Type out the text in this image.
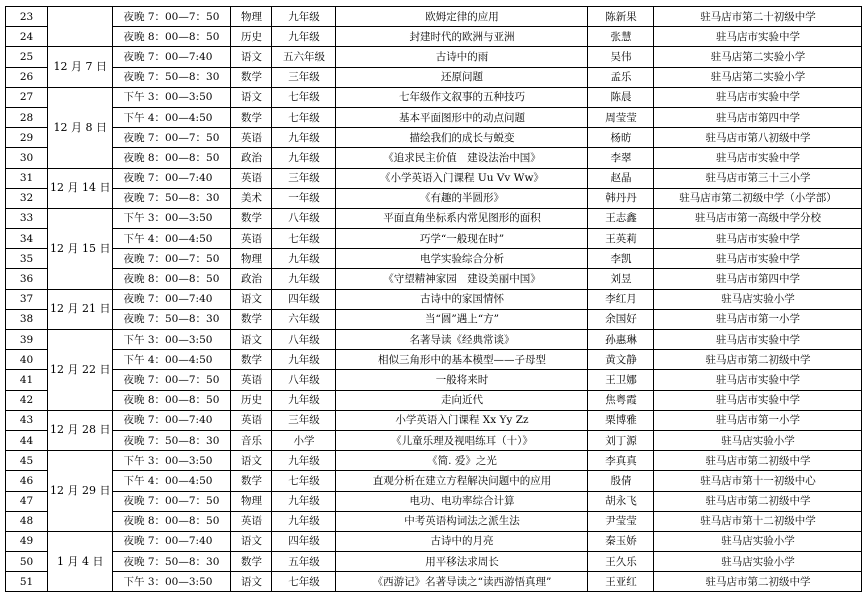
23		夜晚 7：00—7：50	物理	九年级	欧姆定律的应用	陈新果	驻马店市第二十初级中学
24		夜晚 8：00—8：50	历史	九年级	封建时代的欧洲与亚洲	张慧	驻马店市实验中学
25	12 月 7 日	夜晚 7：00—7:40	语文	五六年级	古诗中的雨	吴伟	驻马店第二实验小学
26		夜晚 7：50—8：30	数学	三年级	还原问题	孟乐	驻马店第二实验小学
27	12 月 8 日	下午 3：00—3:50	语文	七年级	七年级作文叙事的五种技巧	陈晨	驻马店市实验中学
28		下午 4：00—4:50	数学	七年级	基本平面图形中的动点问题	周莹莹	驻马店市第四中学
29		夜晚 7：00—7：50	英语	九年级	描绘我们的成长与蜕变	杨昉	驻马店市第八初级中学
30		夜晚 8：00—8：50	政治	九年级	《追求民主价值　建设法治中国》	李翠	驻马店市实验中学
31	12 月 14 日	夜晚 7：00—7:40	英语	三年级	《小学英语入门课程 Uu Vv Ww》	赵晶	驻马店市第三十三小学
32		夜晚 7：50—8：30	美术	一年级	《有趣的半圆形》	韩丹丹	驻马店市第二初级中学（小学部）
33	12 月 15 日	下午 3：00—3:50	数学	八年级	平面直角坐标系内常见图形的面积	王志鑫	驻马店市第一高级中学分校
34		下午 4：00—4:50	英语	七年级	巧学“一般现在时”	王英莉	驻马店市实验中学
35		夜晚 7：00—7：50	物理	九年级	电学实验综合分析	李凯	驻马店市实验中学
36		夜晚 8：00—8：50	政治	九年级	《守望精神家园　建设美丽中国》	刘昱	驻马店市第四中学
37	12 月 21 日	夜晚 7：00—7:40	语文	四年级	古诗中的家国情怀	李红月	驻马店实验小学
38		夜晚 7：50—8：30	数学	六年级	当“圆”遇上“方”	余国好	驻马店市第一小学
39	12 月 22 日	下午 3：00—3:50	语文	八年级	名著导读《经典常谈》	孙惠琳	驻马店市实验中学
40		下午 4：00—4:50	数学	九年级	相似三角形中的基本模型——子母型	黄文静	驻马店市第二初级中学
41		夜晚 7：00—7：50	英语	八年级	一般将来时	王卫娜	驻马店市实验中学
42		夜晚 8：00—8：50	历史	九年级	走向近代	焦粤霞	驻马店市实验中学
43	12 月 28 日	夜晚 7：00—7:40	英语	三年级	小学英语入门课程 Xx Yy Zz	栗博雅	驻马店市第一小学
44		夜晚 7：50—8：30	音乐	小学	《儿童乐理及视唱练耳（十）》	刘丁源	驻马店实验小学
45	12 月 29 日	下午 3：00—3:50	语文	九年级	《简. 爱》之光	李真真	驻马店市第二初级中学
46		下午 4：00—4:50	数学	七年级	直观分析在建立方程解决问题中的应用	殷倩	驻马店市第十一初级中心
47		夜晚 7：00—7：50	物理	九年级	电功、电功率综合计算	胡永飞	驻马店市第二初级中学
48		夜晚 8：00—8：50	英语	九年级	中考英语构词法之派生法	尹莹莹	驻马店市第十二初级中学
49	1 月 4 日	夜晚 7：00—7:40	语文	四年级	古诗中的月亮	秦玉娇	驻马店实验小学
50		夜晚 7：50—8：30	数学	五年级	用平移法求周长	王久乐	驻马店实验小学
51		下午 3：00—3:50	语文	七年级	《西游记》名著导读之“读西游悟真理”	王亚红	驻马店市第二初级中学
